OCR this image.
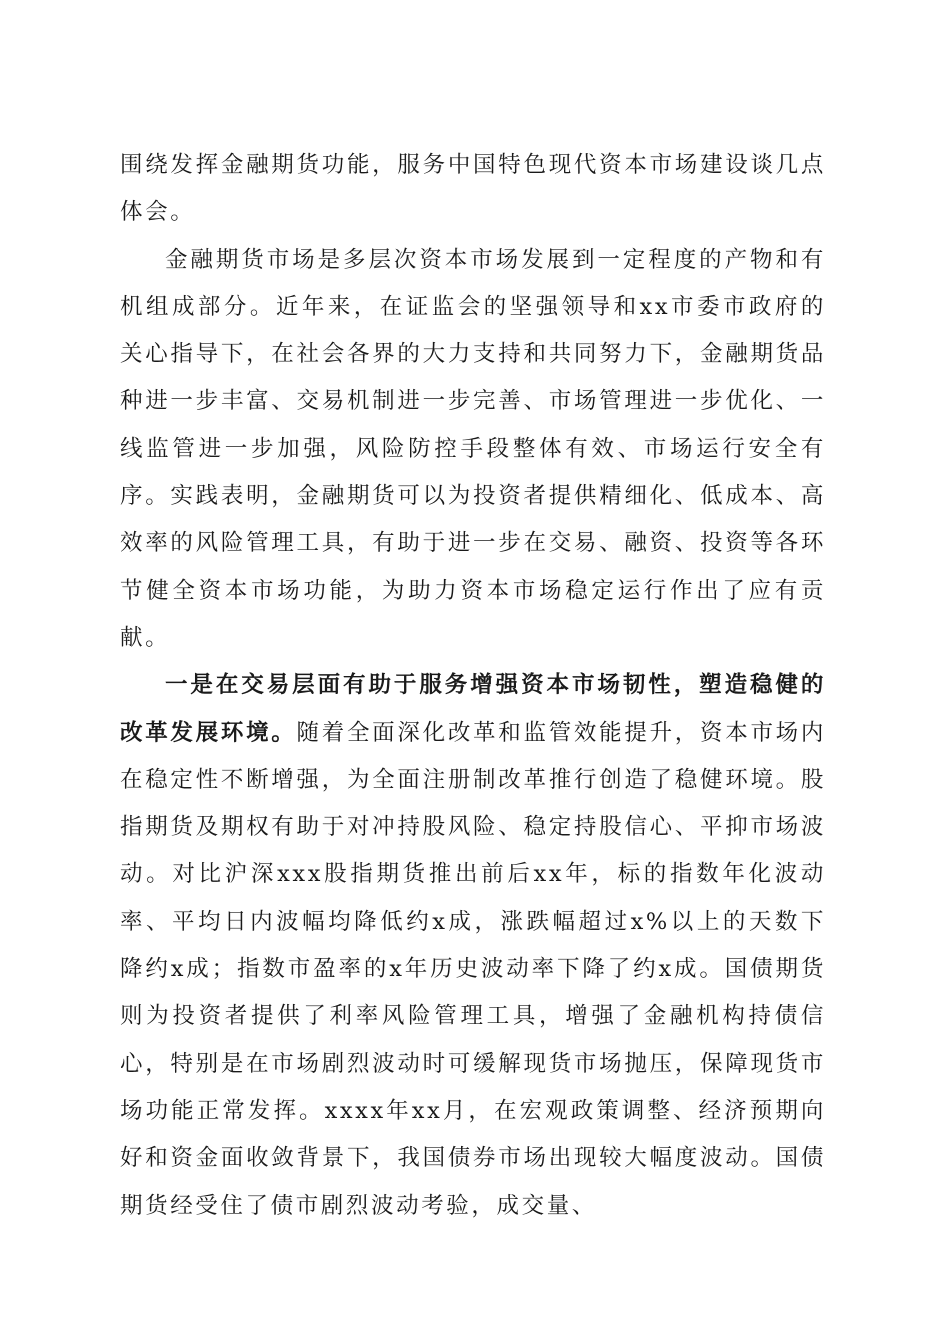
围绕发挥金融期货功能，服务中国特色现代资本市场建设谈几点体会。

金融期货市场是多层次资本市场发展到一定程度的产物和有机组成部分。近年来，在证监会的坚强领导和xx市委市政府的关心指导下，在社会各界的大力支持和共同努力下，金融期货品种进一步丰富、交易机制进一步完善、市场管理进一步优化、一线监管进一步加强，风险防控手段整体有效、市场运行安全有序。实践表明，金融期货可以为投资者提供精细化、低成本、高效率的风险管理工具，有助于进一步在交易、融资、投资等各环节健全资本市场功能，为助力资本市场稳定运行作出了应有贡献。

一是在交易层面有助于服务增强资本市场韧性，塑造稳健的改革发展环境。随着全面深化改革和监管效能提升，资本市场内在稳定性不断增强，为全面注册制改革推行创造了稳健环境。股指期货及期权有助于对冲持股风险、稳定持股信心、平抑市场波动。对比沪深xxx股指期货推出前后xx年，标的指数年化波动率、平均日内波幅均降低约x成，涨跌幅超过x%以上的天数下降约x成；指数市盈率的x年历史波动率下降了约x成。国债期货则为投资者提供了利率风险管理工具，增强了金融机构持债信心，特别是在市场剧烈波动时可缓解现货市场抛压，保障现货市场功能正常发挥。xxxx年xx月，在宏观政策调整、经济预期向好和资金面收敛背景下，我国债券市场出现较大幅度波动。国债期货经受住了债市剧烈波动考验，成交量、
